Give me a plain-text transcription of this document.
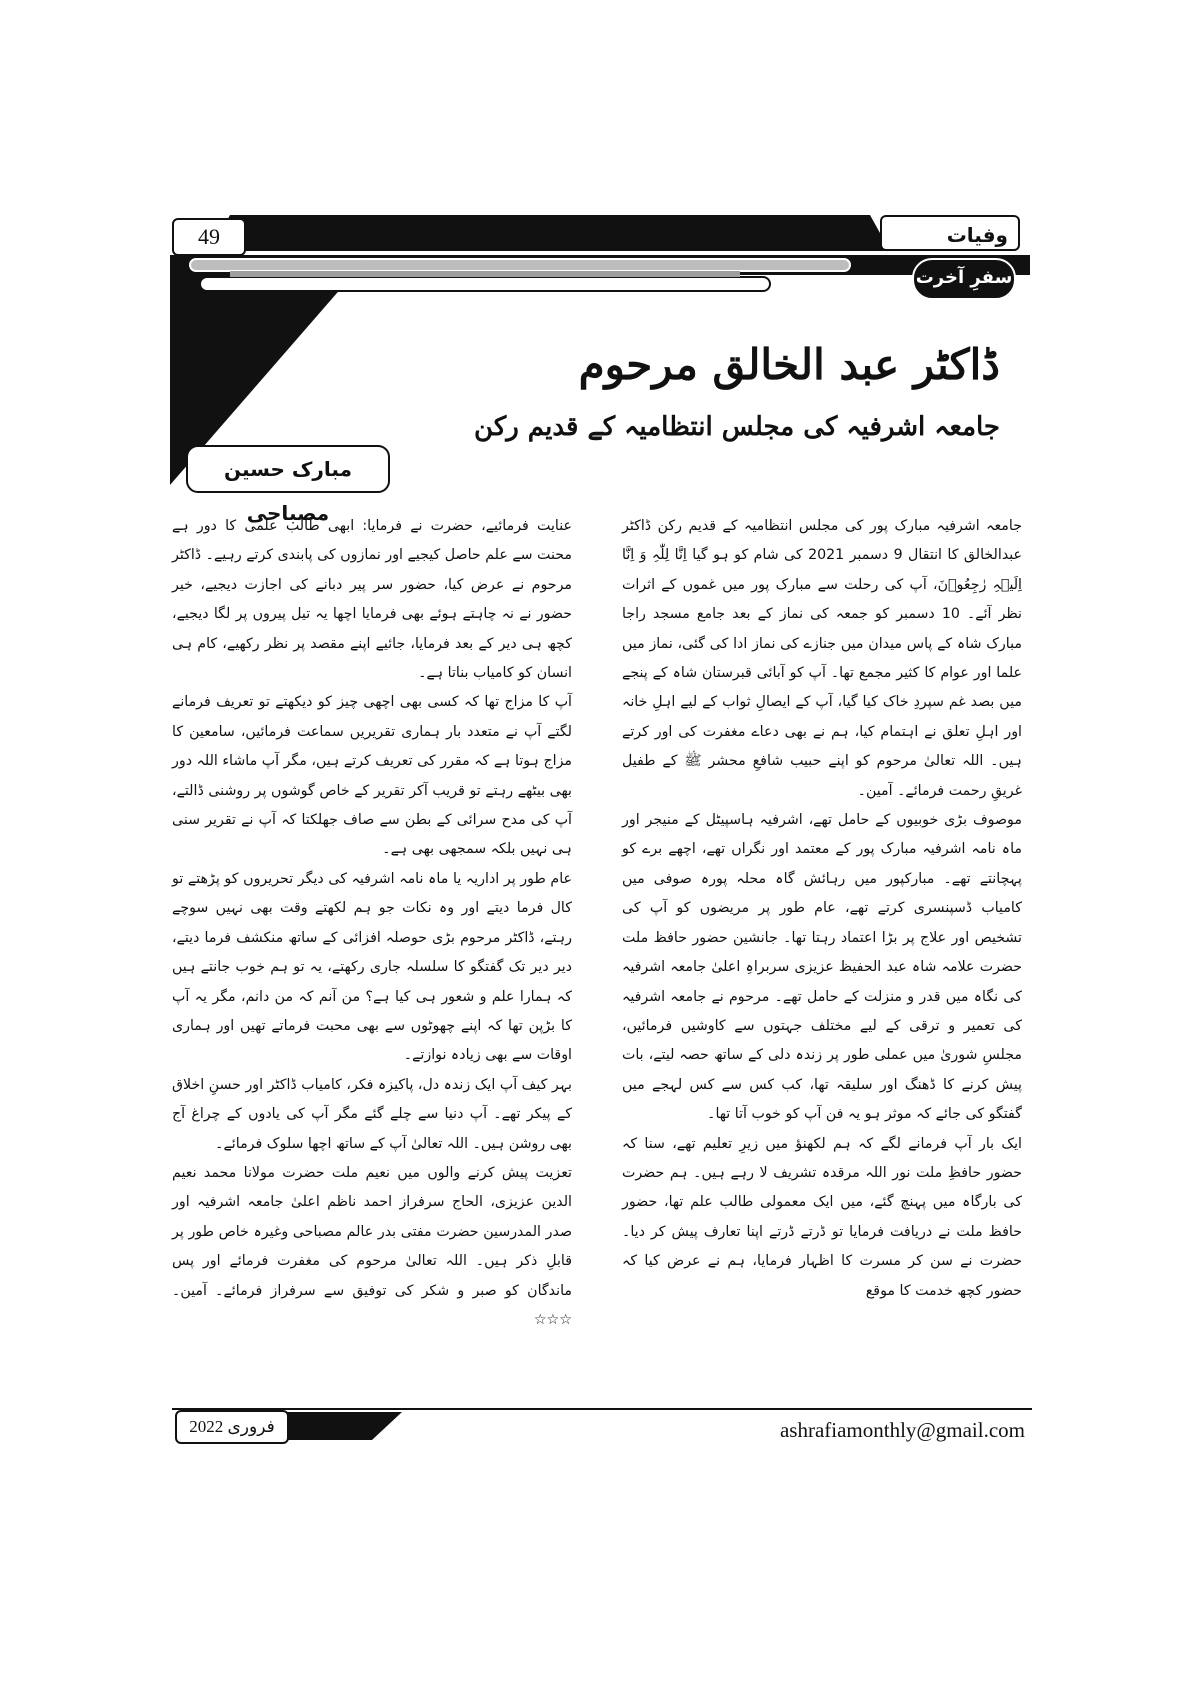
49	وفیات
سفرِ آخرت
ڈاکٹر عبد الخالق مرحوم
جامعہ اشرفیہ کی مجلس انتظامیہ کے قدیم رکن
مبارک حسین مصباحی

جامعہ اشرفیہ مبارک پور کی مجلس انتظامیہ کے قدیم رکن ڈاکٹر عبدالخالق کا انتقال 9 دسمبر 2021 کی شام کو ہو گیا اِنَّا لِلّٰہِ وَ اِنَّا اِلَیۡہِ رٰجِعُوۡنَ، آپ کی رحلت سے مبارک پور میں غموں کے اثرات نظر آئے۔ 10 دسمبر کو جمعہ کی نماز کے بعد جامع مسجد راجا مبارک شاہ کے پاس میدان میں جنازے کی نماز ادا کی گئی، نماز میں علما اور عوام کا کثیر مجمع تھا۔ آپ کو آبائی قبرستان شاہ کے پنجے میں بصد غم سپردِ خاک کیا گیا، آپ کے ایصالِ ثواب کے لیے اہلِ خانہ اور اہلِ تعلق نے اہتمام کیا، ہم نے بھی دعاے مغفرت کی اور کرتے ہیں۔ اللہ تعالیٰ مرحوم کو اپنے حبیب شافعِ محشر ﷺ کے طفیل غریقِ رحمت فرمائے۔ آمین۔

موصوف بڑی خوبیوں کے حامل تھے، اشرفیہ ہاسپیٹل کے منیجر اور ماہ نامہ اشرفیہ مبارک پور کے معتمد اور نگراں تھے، اچھے برے کو پہچانتے تھے۔ مبارکپور میں رہائش گاہ محلہ پورہ صوفی میں کامیاب ڈسپنسری کرتے تھے، عام طور پر مریضوں کو آپ کی تشخیص اور علاج پر بڑا اعتماد رہتا تھا۔ جانشین حضور حافظ ملت حضرت علامہ شاہ عبد الحفیظ عزیزی سربراہِ اعلیٰ جامعہ اشرفیہ کی نگاہ میں قدر و منزلت کے حامل تھے۔ مرحوم نے جامعہ اشرفیہ کی تعمیر و ترقی کے لیے مختلف جہتوں سے کاوشیں فرمائیں، مجلسِ شوریٰ میں عملی طور پر زندہ دلی کے ساتھ حصہ لیتے، بات پیش کرنے کا ڈھنگ اور سلیقہ تھا، کب کس سے کس لہجے میں گفتگو کی جائے کہ موثر ہو یہ فن آپ کو خوب آتا تھا۔

ایک بار آپ فرمانے لگے کہ ہم لکھنؤ میں زیرِ تعلیم تھے، سنا کہ حضور حافظِ ملت نور اللہ مرقدہ تشریف لا رہے ہیں۔ ہم حضرت کی بارگاہ میں پہنچ گئے، میں ایک معمولی طالب علم تھا، حضور حافظ ملت نے دریافت فرمایا تو ڈرتے ڈرتے اپنا تعارف پیش کر دیا۔ حضرت نے سن کر مسرت کا اظہار فرمایا، ہم نے عرض کیا کہ حضور کچھ خدمت کا موقع

عنایت فرمائیے، حضرت نے فرمایا: ابھی طالب علمی کا دور ہے محنت سے علم حاصل کیجیے اور نمازوں کی پابندی کرتے رہیے۔ ڈاکٹر مرحوم نے عرض کیا، حضور سر پیر دبانے کی اجازت دیجیے، خیر حضور نے نہ چاہتے ہوئے بھی فرمایا اچھا یہ تیل پیروں پر لگا دیجیے، کچھ ہی دیر کے بعد فرمایا، جائیے اپنے مقصد پر نظر رکھیے، کام ہی انسان کو کامیاب بناتا ہے۔

آپ کا مزاج تھا کہ کسی بھی اچھی چیز کو دیکھتے تو تعریف فرمانے لگتے آپ نے متعدد بار ہماری تقریریں سماعت فرمائیں، سامعین کا مزاج ہوتا ہے کہ مقرر کی تعریف کرتے ہیں، مگر آپ ماشاء اللہ دور بھی بیٹھے رہتے تو قریب آکر تقریر کے خاص گوشوں پر روشنی ڈالتے، آپ کی مدح سرائی کے بطن سے صاف جھلکتا کہ آپ نے تقریر سنی ہی نہیں بلکہ سمجھی بھی ہے۔

عام طور پر اداریہ یا ماہ نامہ اشرفیہ کی دیگر تحریروں کو پڑھتے تو کال فرما دیتے اور وہ نکات جو ہم لکھتے وقت بھی نہیں سوچے رہتے، ڈاکٹر مرحوم بڑی حوصلہ افزائی کے ساتھ منکشف فرما دیتے، دیر دیر تک گفتگو کا سلسلہ جاری رکھتے، یہ تو ہم خوب جانتے ہیں کہ ہمارا علم و شعور ہی کیا ہے؟ من آنم کہ من دانم، مگر یہ آپ کا بڑپن تھا کہ اپنے چھوٹوں سے بھی محبت فرماتے تھیں اور ہماری اوقات سے بھی زیادہ نوازتے۔

بہر کیف آپ ایک زندہ دل، پاکیزہ فکر، کامیاب ڈاکٹر اور حسنِ اخلاق کے پیکر تھے۔ آپ دنیا سے چلے گئے مگر آپ کی یادوں کے چراغ آج بھی روشن ہیں۔ اللہ تعالیٰ آپ کے ساتھ اچھا سلوک فرمائے۔

تعزیت پیش کرنے والوں میں نعیم ملت حضرت مولانا محمد نعیم الدین عزیزی، الحاج سرفراز احمد ناظم اعلیٰ جامعہ اشرفیہ اور صدر المدرسین حضرت مفتی بدر عالم مصباحی وغیرہ خاص طور پر قابلِ ذکر ہیں۔ اللہ تعالیٰ مرحوم کی مغفرت فرمائے اور پس ماندگان کو صبر و شکر کی توفیق سے سرفراز فرمائے۔ آمین۔ ☆☆☆

فروری 2022	ashrafiamonthly@gmail.com
